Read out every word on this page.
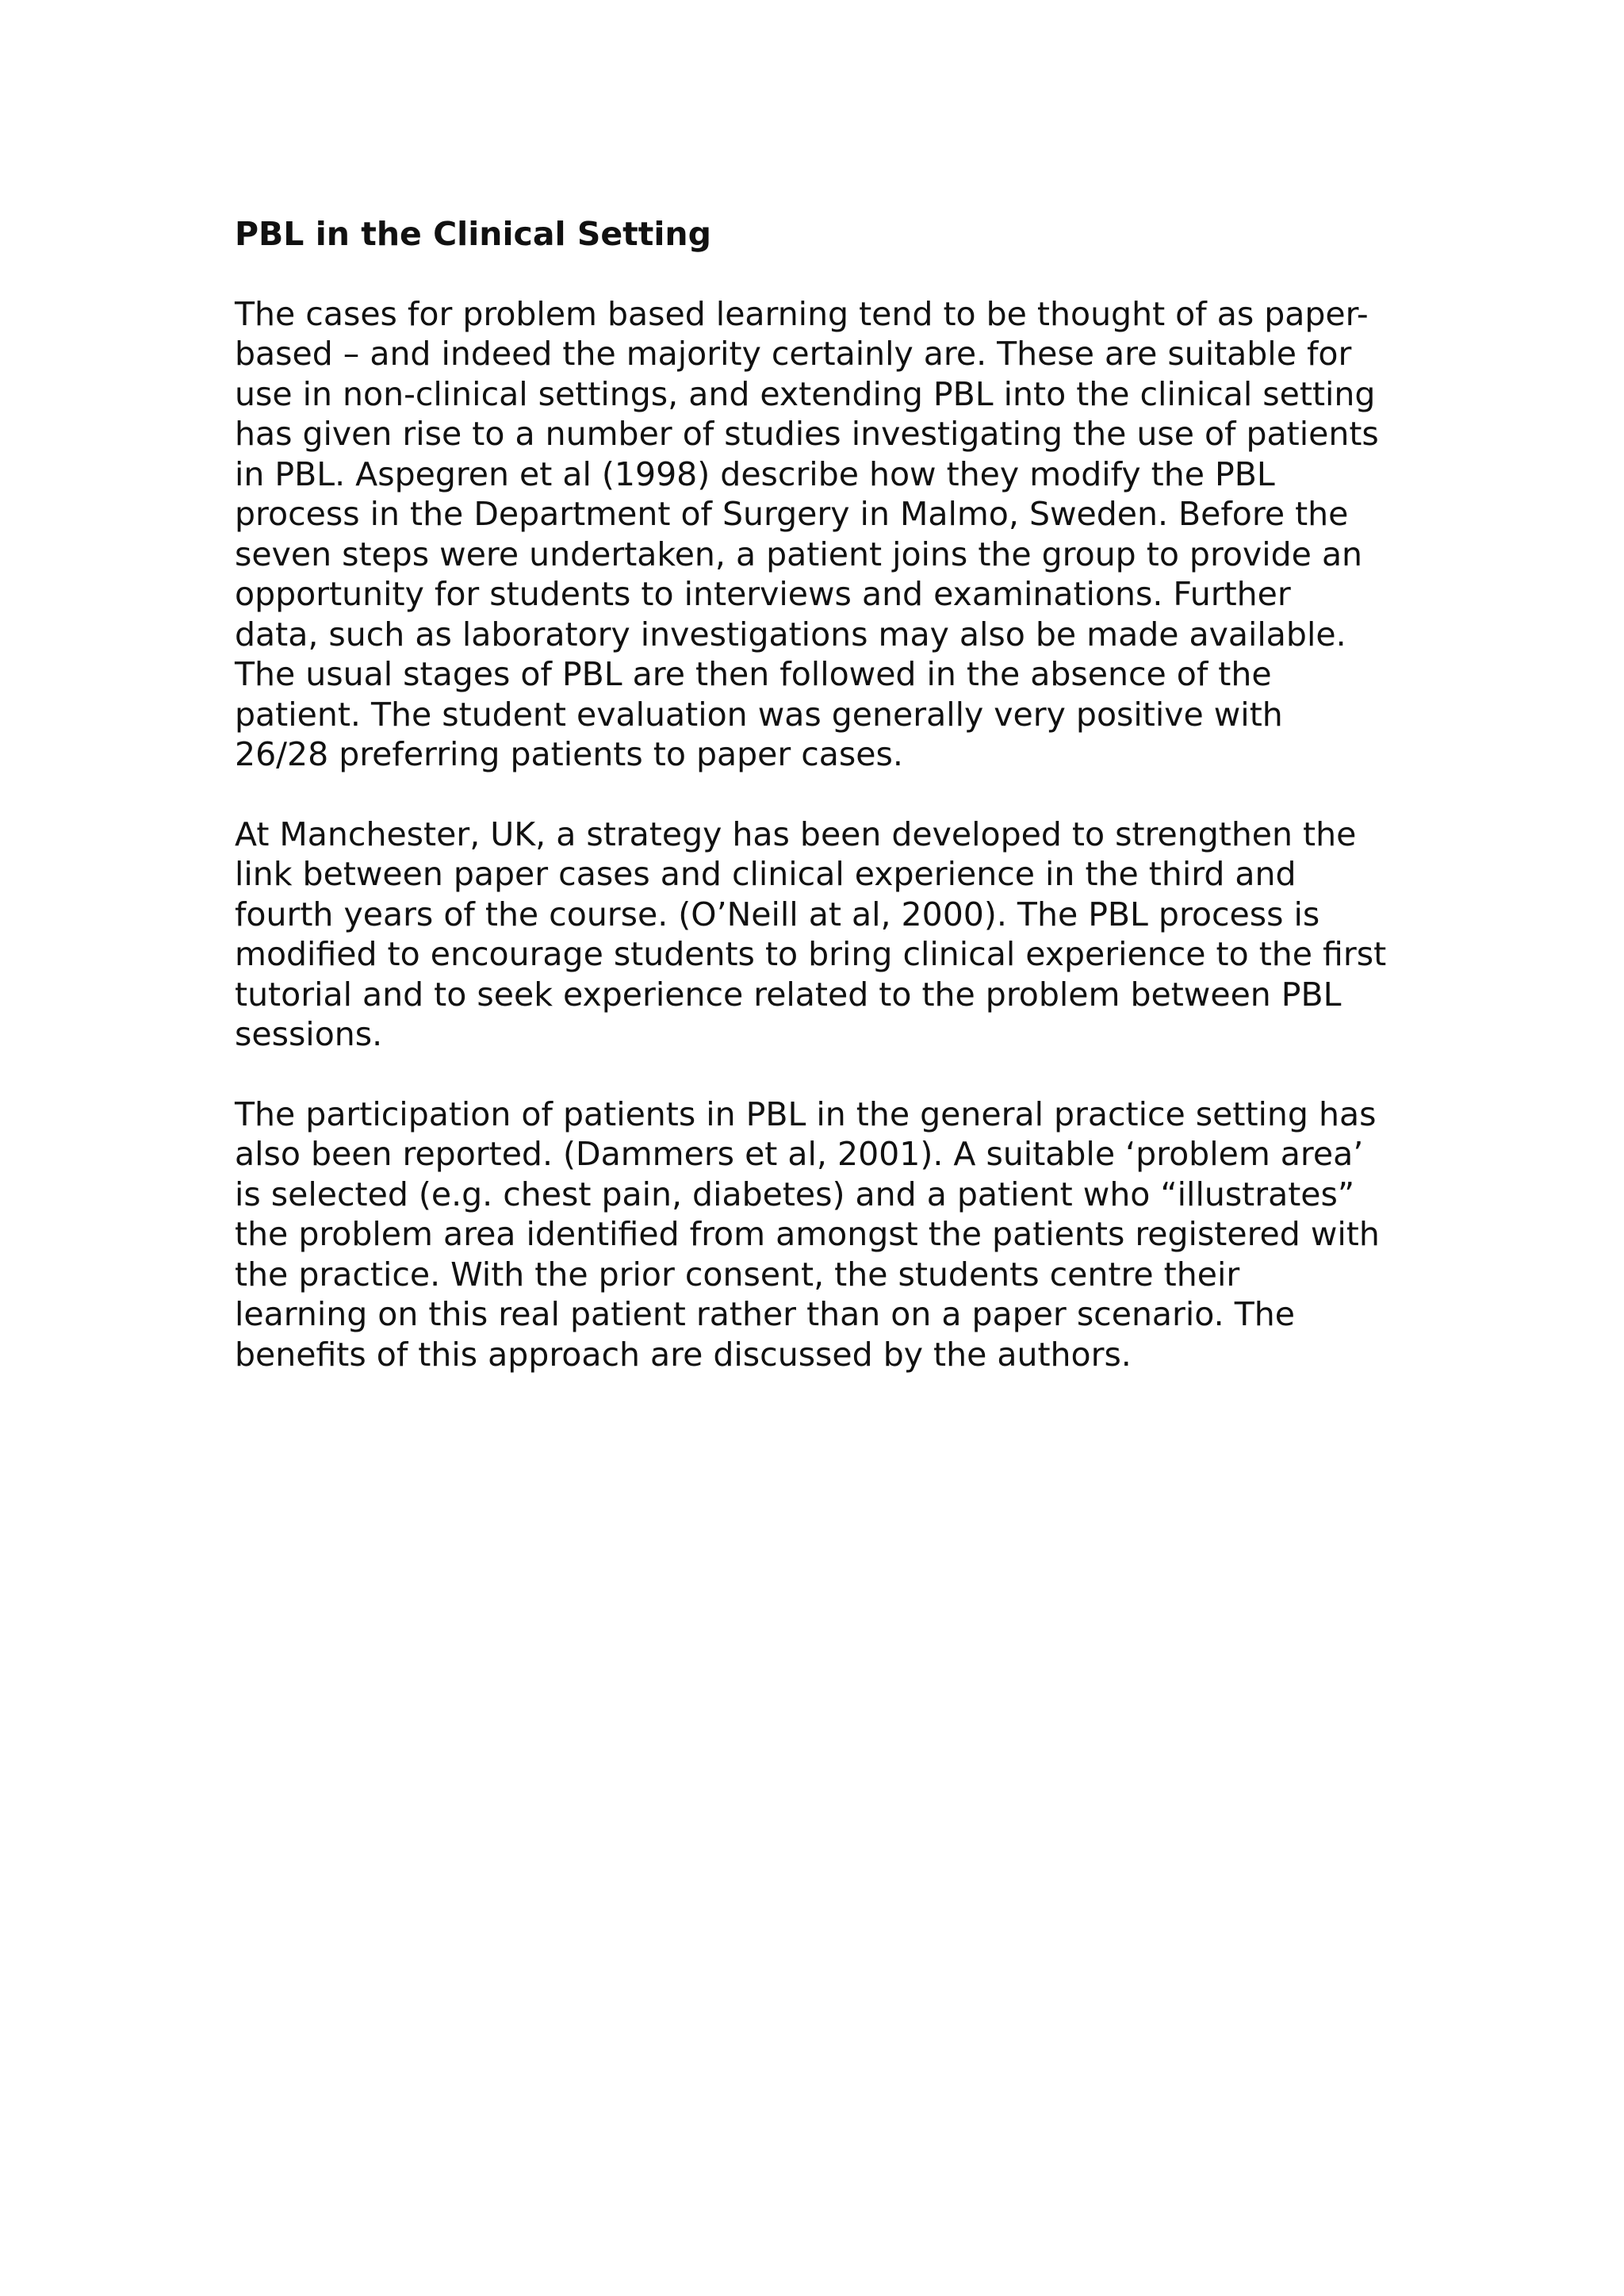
PBL in the Clinical Setting
The cases for problem based learning tend to be thought of as paper-
based – and indeed the majority certainly are. These are suitable for
use in non-clinical settings, and extending PBL into the clinical setting
has given rise to a number of studies investigating the use of patients
in PBL. Aspegren et al (1998) describe how they modify the PBL
process in the Department of Surgery in Malmo, Sweden. Before the
seven steps were undertaken, a patient joins the group to provide an
opportunity for students to interviews and examinations. Further
data, such as laboratory investigations may also be made available.
The usual stages of PBL are then followed in the absence of the
patient. The student evaluation was generally very positive with
26/28 preferring patients to paper cases.
At Manchester, UK, a strategy has been developed to strengthen the
link between paper cases and clinical experience in the third and
fourth years of the course. (O’Neill at al, 2000). The PBL process is
modified to encourage students to bring clinical experience to the first
tutorial and to seek experience related to the problem between PBL
sessions.
The participation of patients in PBL in the general practice setting has
also been reported. (Dammers et al, 2001). A suitable ‘problem area’
is selected (e.g. chest pain, diabetes) and a patient who “illustrates”
the problem area identified from amongst the patients registered with
the practice. With the prior consent, the students centre their
learning on this real patient rather than on a paper scenario. The
benefits of this approach are discussed by the authors.
